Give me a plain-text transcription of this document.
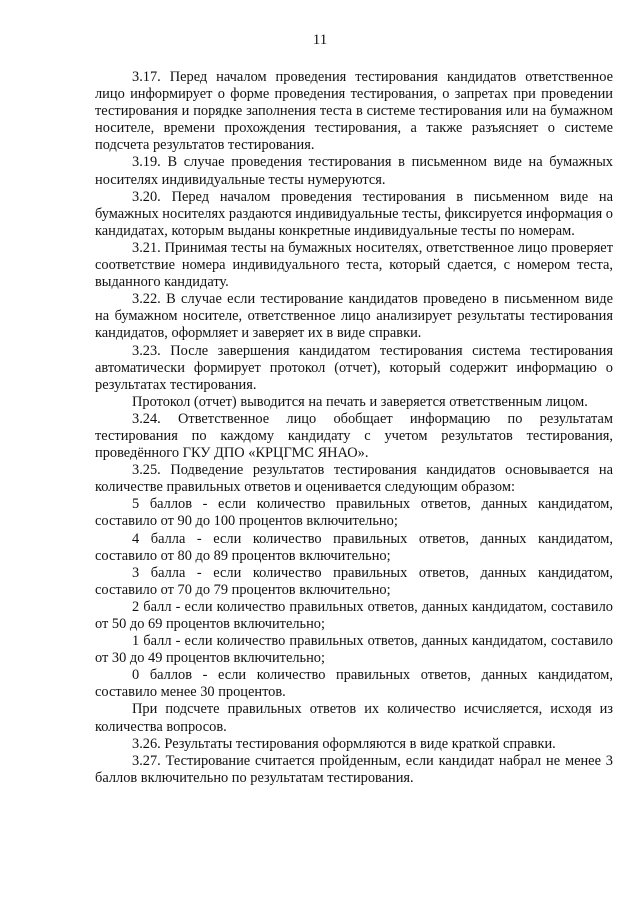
11

3.17. Перед началом проведения тестирования кандидатов ответственное лицо информирует о форме проведения тестирования, о запретах при проведении тестирования и порядке заполнения теста в системе тестирования или на бумажном носителе, времени прохождения тестирования, а также разъясняет о системе подсчета результатов тестирования.

3.19. В случае проведения тестирования в письменном виде на бумажных носителях индивидуальные тесты нумеруются.

3.20. Перед началом проведения тестирования в письменном виде на бумажных носителях раздаются индивидуальные тесты, фиксируется информация о кандидатах, которым выданы конкретные индивидуальные тесты по номерам.

3.21. Принимая тесты на бумажных носителях, ответственное лицо проверяет соответствие номера индивидуального теста, который сдается, с номером теста, выданного кандидату.

3.22. В случае если тестирование кандидатов проведено в письменном виде на бумажном носителе, ответственное лицо анализирует результаты тестирования кандидатов, оформляет и заверяет их в виде справки.

3.23. После завершения кандидатом тестирования система тестирования автоматически формирует протокол (отчет), который содержит информацию о результатах тестирования.

Протокол (отчет) выводится на печать и заверяется ответственным лицом.

3.24. Ответственное лицо обобщает информацию по результатам тестирования по каждому кандидату с учетом результатов тестирования, проведённого ГКУ ДПО «КРЦГМС ЯНАО».

3.25. Подведение результатов тестирования кандидатов основывается на количестве правильных ответов и оценивается следующим образом:

5 баллов - если количество правильных ответов, данных кандидатом, составило от 90 до 100 процентов включительно;

4 балла - если количество правильных ответов, данных кандидатом, составило от 80 до 89 процентов включительно;

3 балла - если количество правильных ответов, данных кандидатом, составило от 70 до 79 процентов включительно;

2 балл - если количество правильных ответов, данных кандидатом, составило от 50 до 69 процентов включительно;

1 балл - если количество правильных ответов, данных кандидатом, составило от 30 до 49 процентов включительно;

0 баллов - если количество правильных ответов, данных кандидатом, составило менее 30 процентов.

При подсчете правильных ответов их количество исчисляется, исходя из количества вопросов.

3.26. Результаты тестирования оформляются в виде краткой справки.

3.27. Тестирование считается пройденным, если кандидат набрал не менее 3 баллов включительно по результатам тестирования.
